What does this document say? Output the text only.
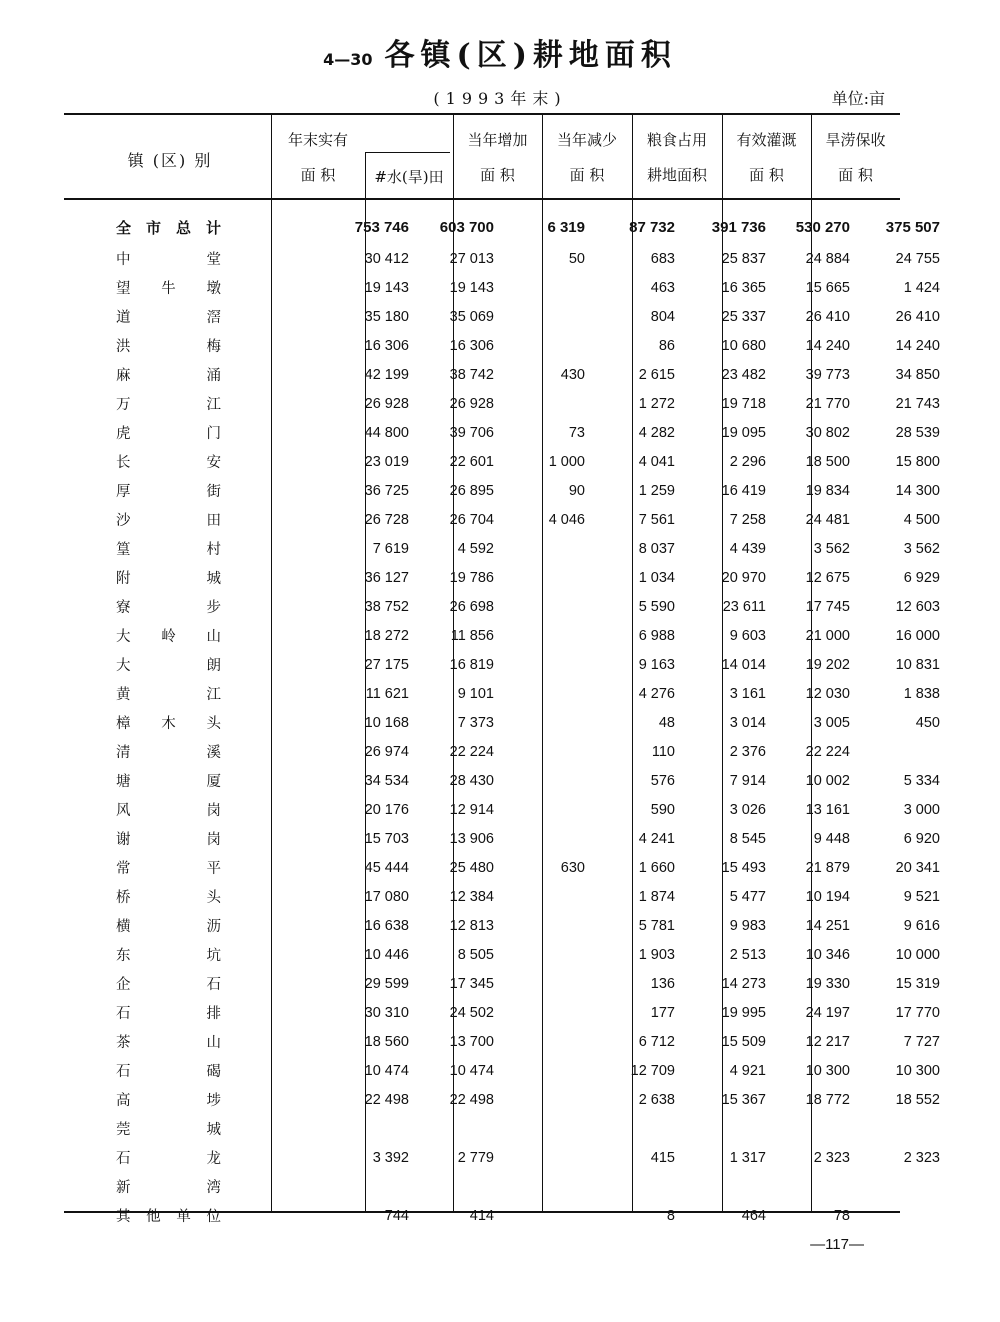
4—30 各镇(区)耕地面积
(1993年末)	单位:亩
镇 (区) 别
年末实有
面 积	#水(旱)田
当年增加
面 积
当年减少
面 积
粮食占用
耕地面积
有效灌溉
面 积
旱涝保收
面 积
全 市 总 计	753 746	603 700	6 319	87 732	391 736	530 270	375 507

中 堂	30 412	27 013	50	683	25 837	24 884	24 755

望 牛 墩	19 143	19 143		463	16 365	15 665	1 424

道 滘	35 180	35 069		804	25 337	26 410	26 410

洪 梅	16 306	16 306		86	10 680	14 240	14 240

麻 涌	42 199	38 742	430	2 615	23 482	39 773	34 850

万 江	26 928	26 928		1 272	19 718	21 770	21 743

虎 门	44 800	39 706	73	4 282	19 095	30 802	28 539

长 安	23 019	22 601	1 000	4 041	2 296	18 500	15 800

厚 街	36 725	26 895	90	1 259	16 419	19 834	14 300

沙 田	26 728	26 704	4 046	7 561	7 258	24 481	4 500

篁 村	7 619	4 592		8 037	4 439	3 562	3 562

附 城	36 127	19 786		1 034	20 970	12 675	6 929

寮 步	38 752	26 698		5 590	23 611	17 745	12 603

大 岭 山	18 272	11 856		6 988	9 603	21 000	16 000

大 朗	27 175	16 819		9 163	14 014	19 202	10 831

黄 江	11 621	9 101		4 276	3 161	12 030	1 838

樟 木 头	10 168	7 373		48	3 014	3 005	450

清 溪	26 974	22 224		110	2 376	22 224	

塘 厦	34 534	28 430		576	7 914	10 002	5 334

风 岗	20 176	12 914		590	3 026	13 161	3 000

谢 岗	15 703	13 906		4 241	8 545	9 448	6 920

常 平	45 444	25 480	630	1 660	15 493	21 879	20 341

桥 头	17 080	12 384		1 874	5 477	10 194	9 521

横 沥	16 638	12 813		5 781	9 983	14 251	9 616

东 坑	10 446	8 505		1 903	2 513	10 346	10 000

企 石	29 599	17 345		136	14 273	19 330	15 319

石 排	30 310	24 502		177	19 995	24 197	17 770

茶 山	18 560	13 700		6 712	15 509	12 217	7 727

石 碣	10 474	10 474		12 709	4 921	10 300	10 300

高 埗	22 498	22 498		2 638	15 367	18 772	18 552

莞 城							

石 龙	3 392	2 779		415	1 317	2 323	2 323

新 湾							

其 他 单 位	744	414		8	464	78	
—117—
